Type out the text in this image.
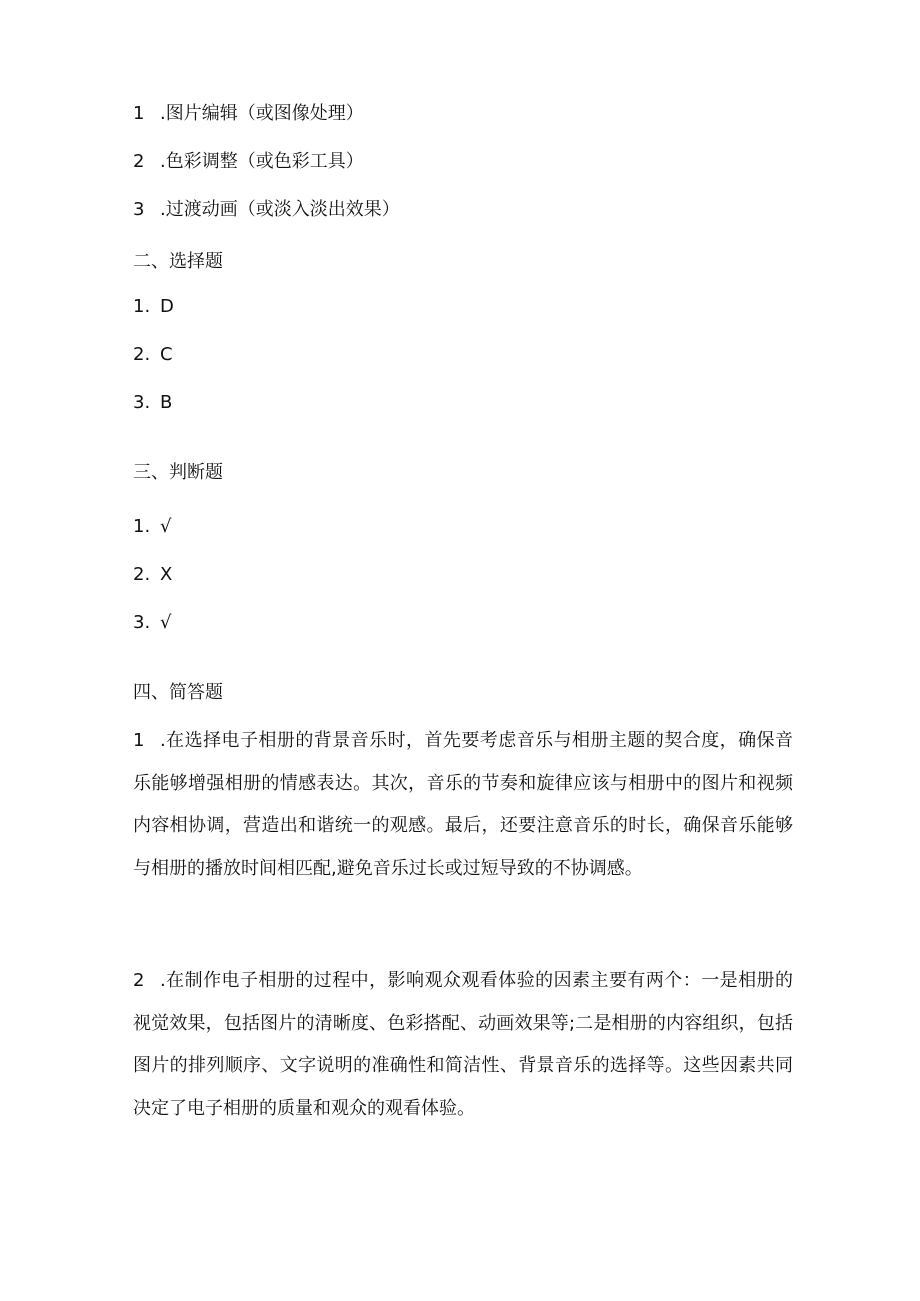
1 .图片编辑（或图像处理）
2 .色彩调整（或色彩工具）
3 .过渡动画（或淡入淡出效果）
二、选择题
1. D
2. C
3. B
三、判断题
1. √
2. X
3. √
四、简答题

1 .在选择电子相册的背景音乐时，首先要考虑音乐与相册主题的契合度，确保音乐能够增强相册的情感表达。其次，音乐的节奏和旋律应该与相册中的图片和视频内容相协调，营造出和谐统一的观感。最后，还要注意音乐的时长，确保音乐能够与相册的播放时间相匹配,避免音乐过长或过短导致的不协调感。

2 .在制作电子相册的过程中，影响观众观看体验的因素主要有两个：一是相册的视觉效果，包括图片的清晰度、色彩搭配、动画效果等;二是相册的内容组织，包括图片的排列顺序、文字说明的准确性和简洁性、背景音乐的选择等。这些因素共同决定了电子相册的质量和观众的观看体验。
